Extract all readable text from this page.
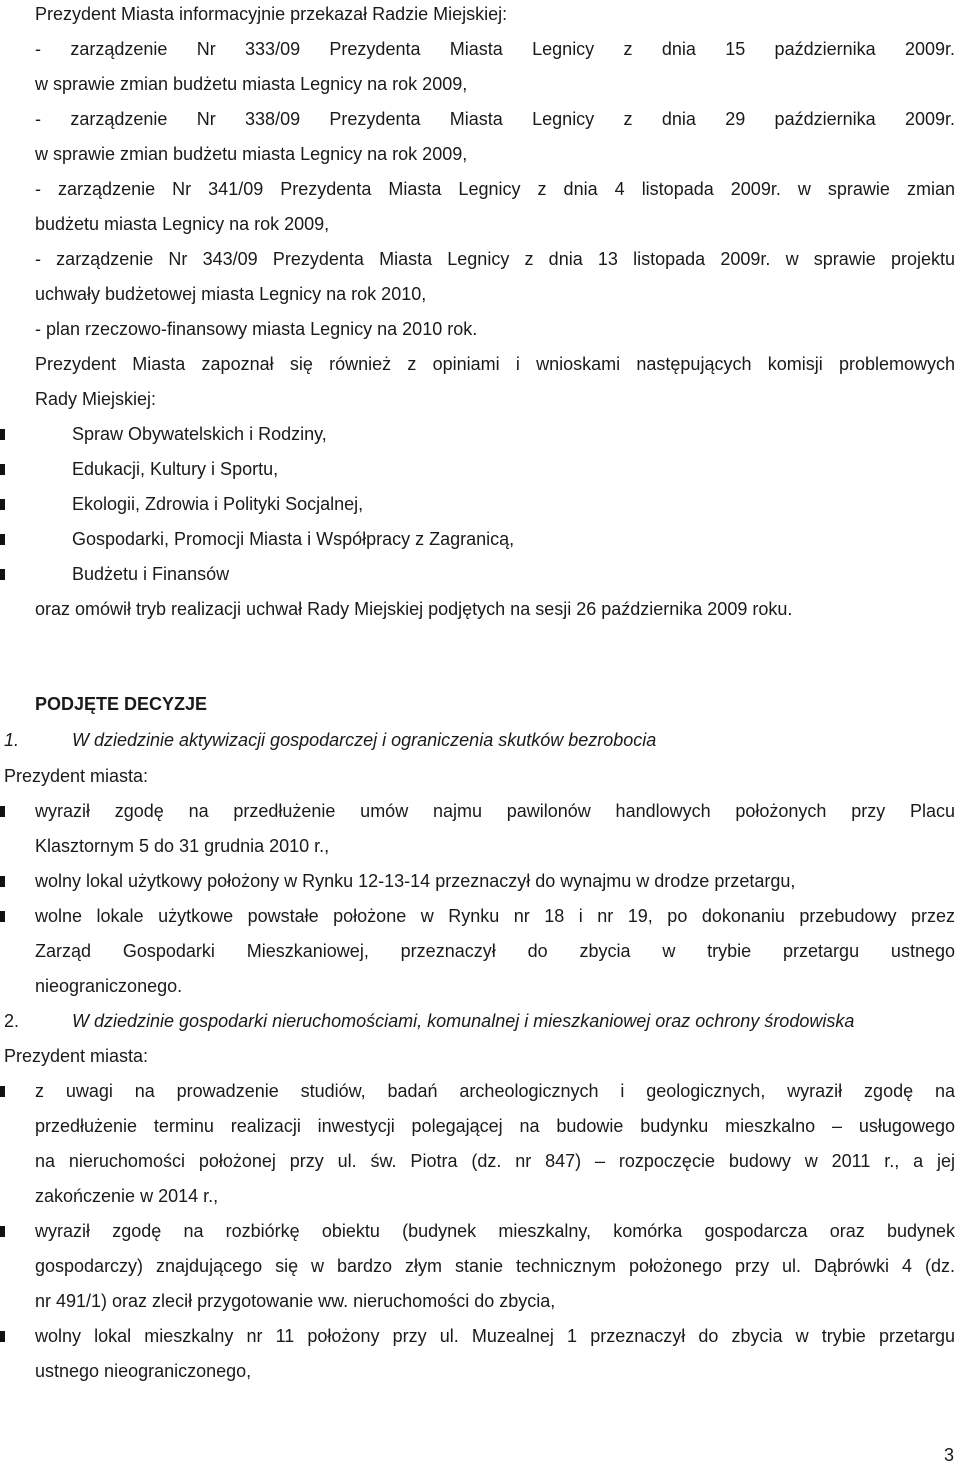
Prezydent Miasta informacyjnie przekazał Radzie Miejskiej:
- zarządzenie Nr 333/09 Prezydenta Miasta Legnicy z dnia 15 października 2009r.
w sprawie zmian budżetu miasta Legnicy na rok 2009,
- zarządzenie Nr 338/09 Prezydenta Miasta Legnicy z dnia 29 października 2009r.
w sprawie zmian budżetu miasta Legnicy na rok 2009,
- zarządzenie Nr 341/09 Prezydenta Miasta Legnicy z dnia 4 listopada 2009r. w sprawie zmian
budżetu miasta Legnicy na rok 2009,
- zarządzenie Nr 343/09 Prezydenta Miasta Legnicy z dnia 13 listopada 2009r. w sprawie projektu
uchwały budżetowej miasta Legnicy na rok 2010,
- plan rzeczowo-finansowy miasta Legnicy na 2010 rok.
Prezydent Miasta zapoznał się również z opiniami i wnioskami następujących komisji problemowych
Rady Miejskiej:
Spraw Obywatelskich i Rodziny,
Edukacji, Kultury i Sportu,
Ekologii, Zdrowia i Polityki Socjalnej,
Gospodarki, Promocji Miasta i Współpracy z Zagranicą,
Budżetu i Finansów
oraz omówił tryb realizacji uchwał Rady Miejskiej podjętych na sesji 26 października 2009 roku.
PODJĘTE DECYZJE
1.	W dziedzinie aktywizacji gospodarczej i ograniczenia skutków bezrobocia
Prezydent miasta:
wyraził zgodę na przedłużenie umów najmu pawilonów handlowych położonych przy Placu
Klasztornym 5 do 31 grudnia 2010 r.,
wolny lokal użytkowy położony w Rynku 12-13-14 przeznaczył do wynajmu w drodze przetargu,
wolne lokale użytkowe powstałe położone w Rynku nr 18 i nr 19, po dokonaniu przebudowy przez
Zarząd Gospodarki Mieszkaniowej, przeznaczył do zbycia w trybie przetargu ustnego
nieograniczonego.
2.	W dziedzinie gospodarki nieruchomościami, komunalnej i mieszkaniowej oraz ochrony środowiska
Prezydent miasta:
z uwagi na prowadzenie studiów, badań archeologicznych i geologicznych, wyraził zgodę na
przedłużenie terminu realizacji inwestycji polegającej na budowie budynku mieszkalno – usługowego
na nieruchomości położonej przy ul. św. Piotra (dz. nr 847) – rozpoczęcie budowy w 2011 r., a jej
zakończenie w 2014 r.,
wyraził zgodę na rozbiórkę obiektu (budynek mieszkalny, komórka gospodarcza oraz budynek
gospodarczy) znajdującego się w bardzo złym stanie technicznym położonego przy ul. Dąbrówki 4 (dz.
nr 491/1) oraz zlecił przygotowanie ww. nieruchomości do zbycia,
wolny lokal mieszkalny nr 11 położony przy ul. Muzealnej 1 przeznaczył do zbycia w trybie przetargu
ustnego nieograniczonego,
3
